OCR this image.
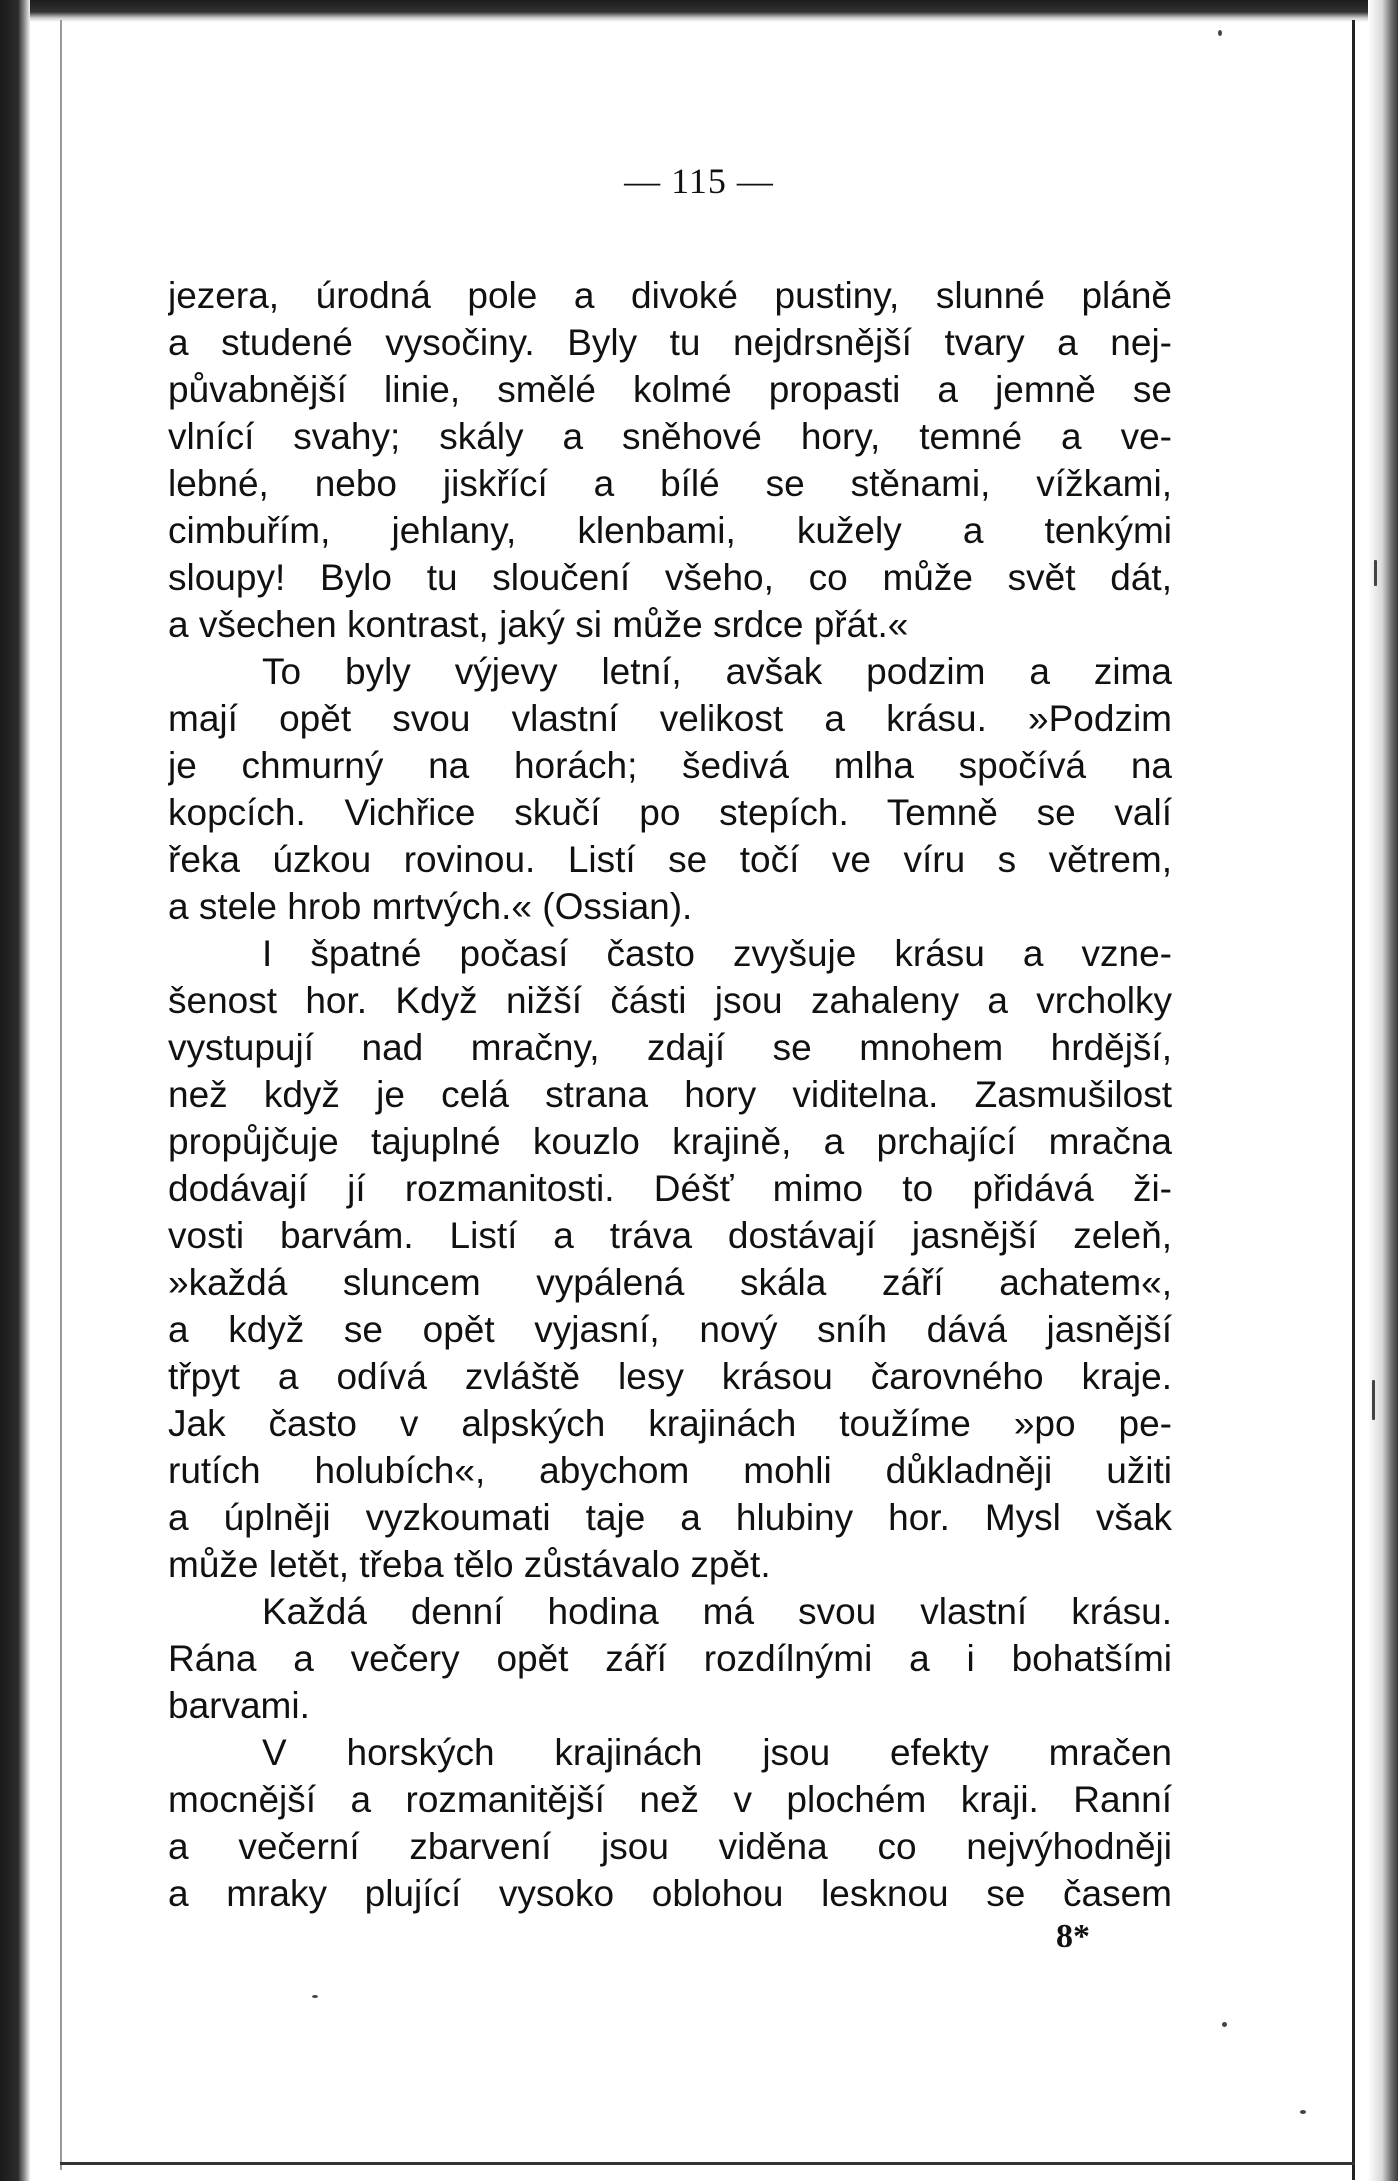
— 115 —
jezera, úrodná pole a divoké pustiny, slunné pláně
a studené vysočiny. Byly tu nejdrsnější tvary a nej-
půvabnější linie, smělé kolmé propasti a jemně se
vlnící svahy; skály a sněhové hory, temné a ve-
lebné, nebo jiskřící a bílé se stěnami, vížkami,
cimbuřím, jehlany, klenbami, kužely a tenkými
sloupy! Bylo tu sloučení všeho, co může svět dát,
a všechen kontrast, jaký si může srdce přát.«
To byly výjevy letní, avšak podzim a zima
mají opět svou vlastní velikost a krásu. »Podzim
je chmurný na horách; šedivá mlha spočívá na
kopcích. Vichřice skučí po stepích. Temně se valí
řeka úzkou rovinou. Listí se točí ve víru s větrem,
a stele hrob mrtvých.« (Ossian).
I špatné počasí často zvyšuje krásu a vzne-
šenost hor. Když nižší části jsou zahaleny a vrcholky
vystupují nad mračny, zdají se mnohem hrdější,
než když je celá strana hory viditelna. Zasmušilost
propůjčuje tajuplné kouzlo krajině, a prchající mračna
dodávají jí rozmanitosti. Déšť mimo to přidává ži-
vosti barvám. Listí a tráva dostávají jasnější zeleň,
»každá sluncem vypálená skála září achatem«,
a když se opět vyjasní, nový sníh dává jasnější
třpyt a odívá zvláště lesy krásou čarovného kraje.
Jak často v alpských krajinách toužíme »po pe-
rutích holubích«, abychom mohli důkladněji užiti
a úplněji vyzkoumati taje a hlubiny hor. Mysl však
může letět, třeba tělo zůstávalo zpět.
Každá denní hodina má svou vlastní krásu.
Rána a večery opět září rozdílnými a i bohatšími
barvami.
V horských krajinách jsou efekty mračen
mocnější a rozmanitější než v plochém kraji. Ranní
a večerní zbarvení jsou viděna co nejvýhodněji
a mraky plující vysoko oblohou lesknou se časem
8*
